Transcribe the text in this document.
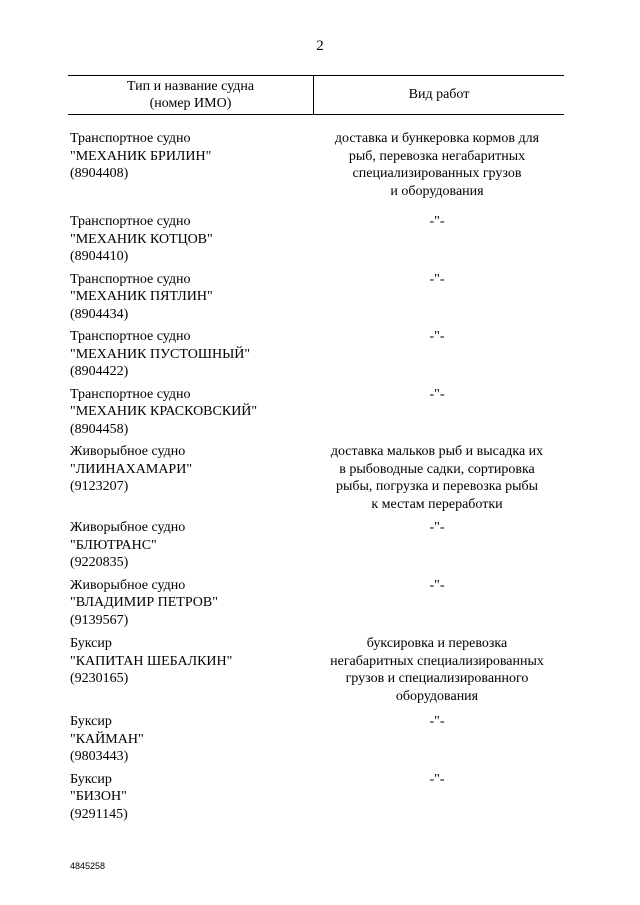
2
Тип и название судна
(номер ИМО)
Вид работ
Транспортное судно
"МЕХАНИК БРИЛИН"
(8904408)
доставка и бункеровка кормов для
рыб, перевозка негабаритных
специализированных грузов
и оборудования
Транспортное судно
"МЕХАНИК КОТЦОВ"
(8904410)
-"-
Транспортное судно
"МЕХАНИК ПЯТЛИН"
(8904434)
-"-
Транспортное судно
"МЕХАНИК ПУСТОШНЫЙ"
(8904422)
-"-
Транспортное судно
"МЕХАНИК КРАСКОВСКИЙ"
(8904458)
-"-
Живорыбное судно
"ЛИИНАХАМАРИ"
(9123207)
доставка мальков рыб и высадка их
в рыбоводные садки, сортировка
рыбы, погрузка и перевозка рыбы
к местам переработки
Живорыбное судно
"БЛЮТРАНС"
(9220835)
-"-
Живорыбное судно
"ВЛАДИМИР ПЕТРОВ"
(9139567)
-"-
Буксир
"КАПИТАН ШЕБАЛКИН"
(9230165)
буксировка и перевозка
негабаритных специализированных
грузов и специализированного
оборудования
Буксир
"КАЙМАН"
(9803443)
-"-
Буксир
"БИЗОН"
(9291145)
-"-
4845258
